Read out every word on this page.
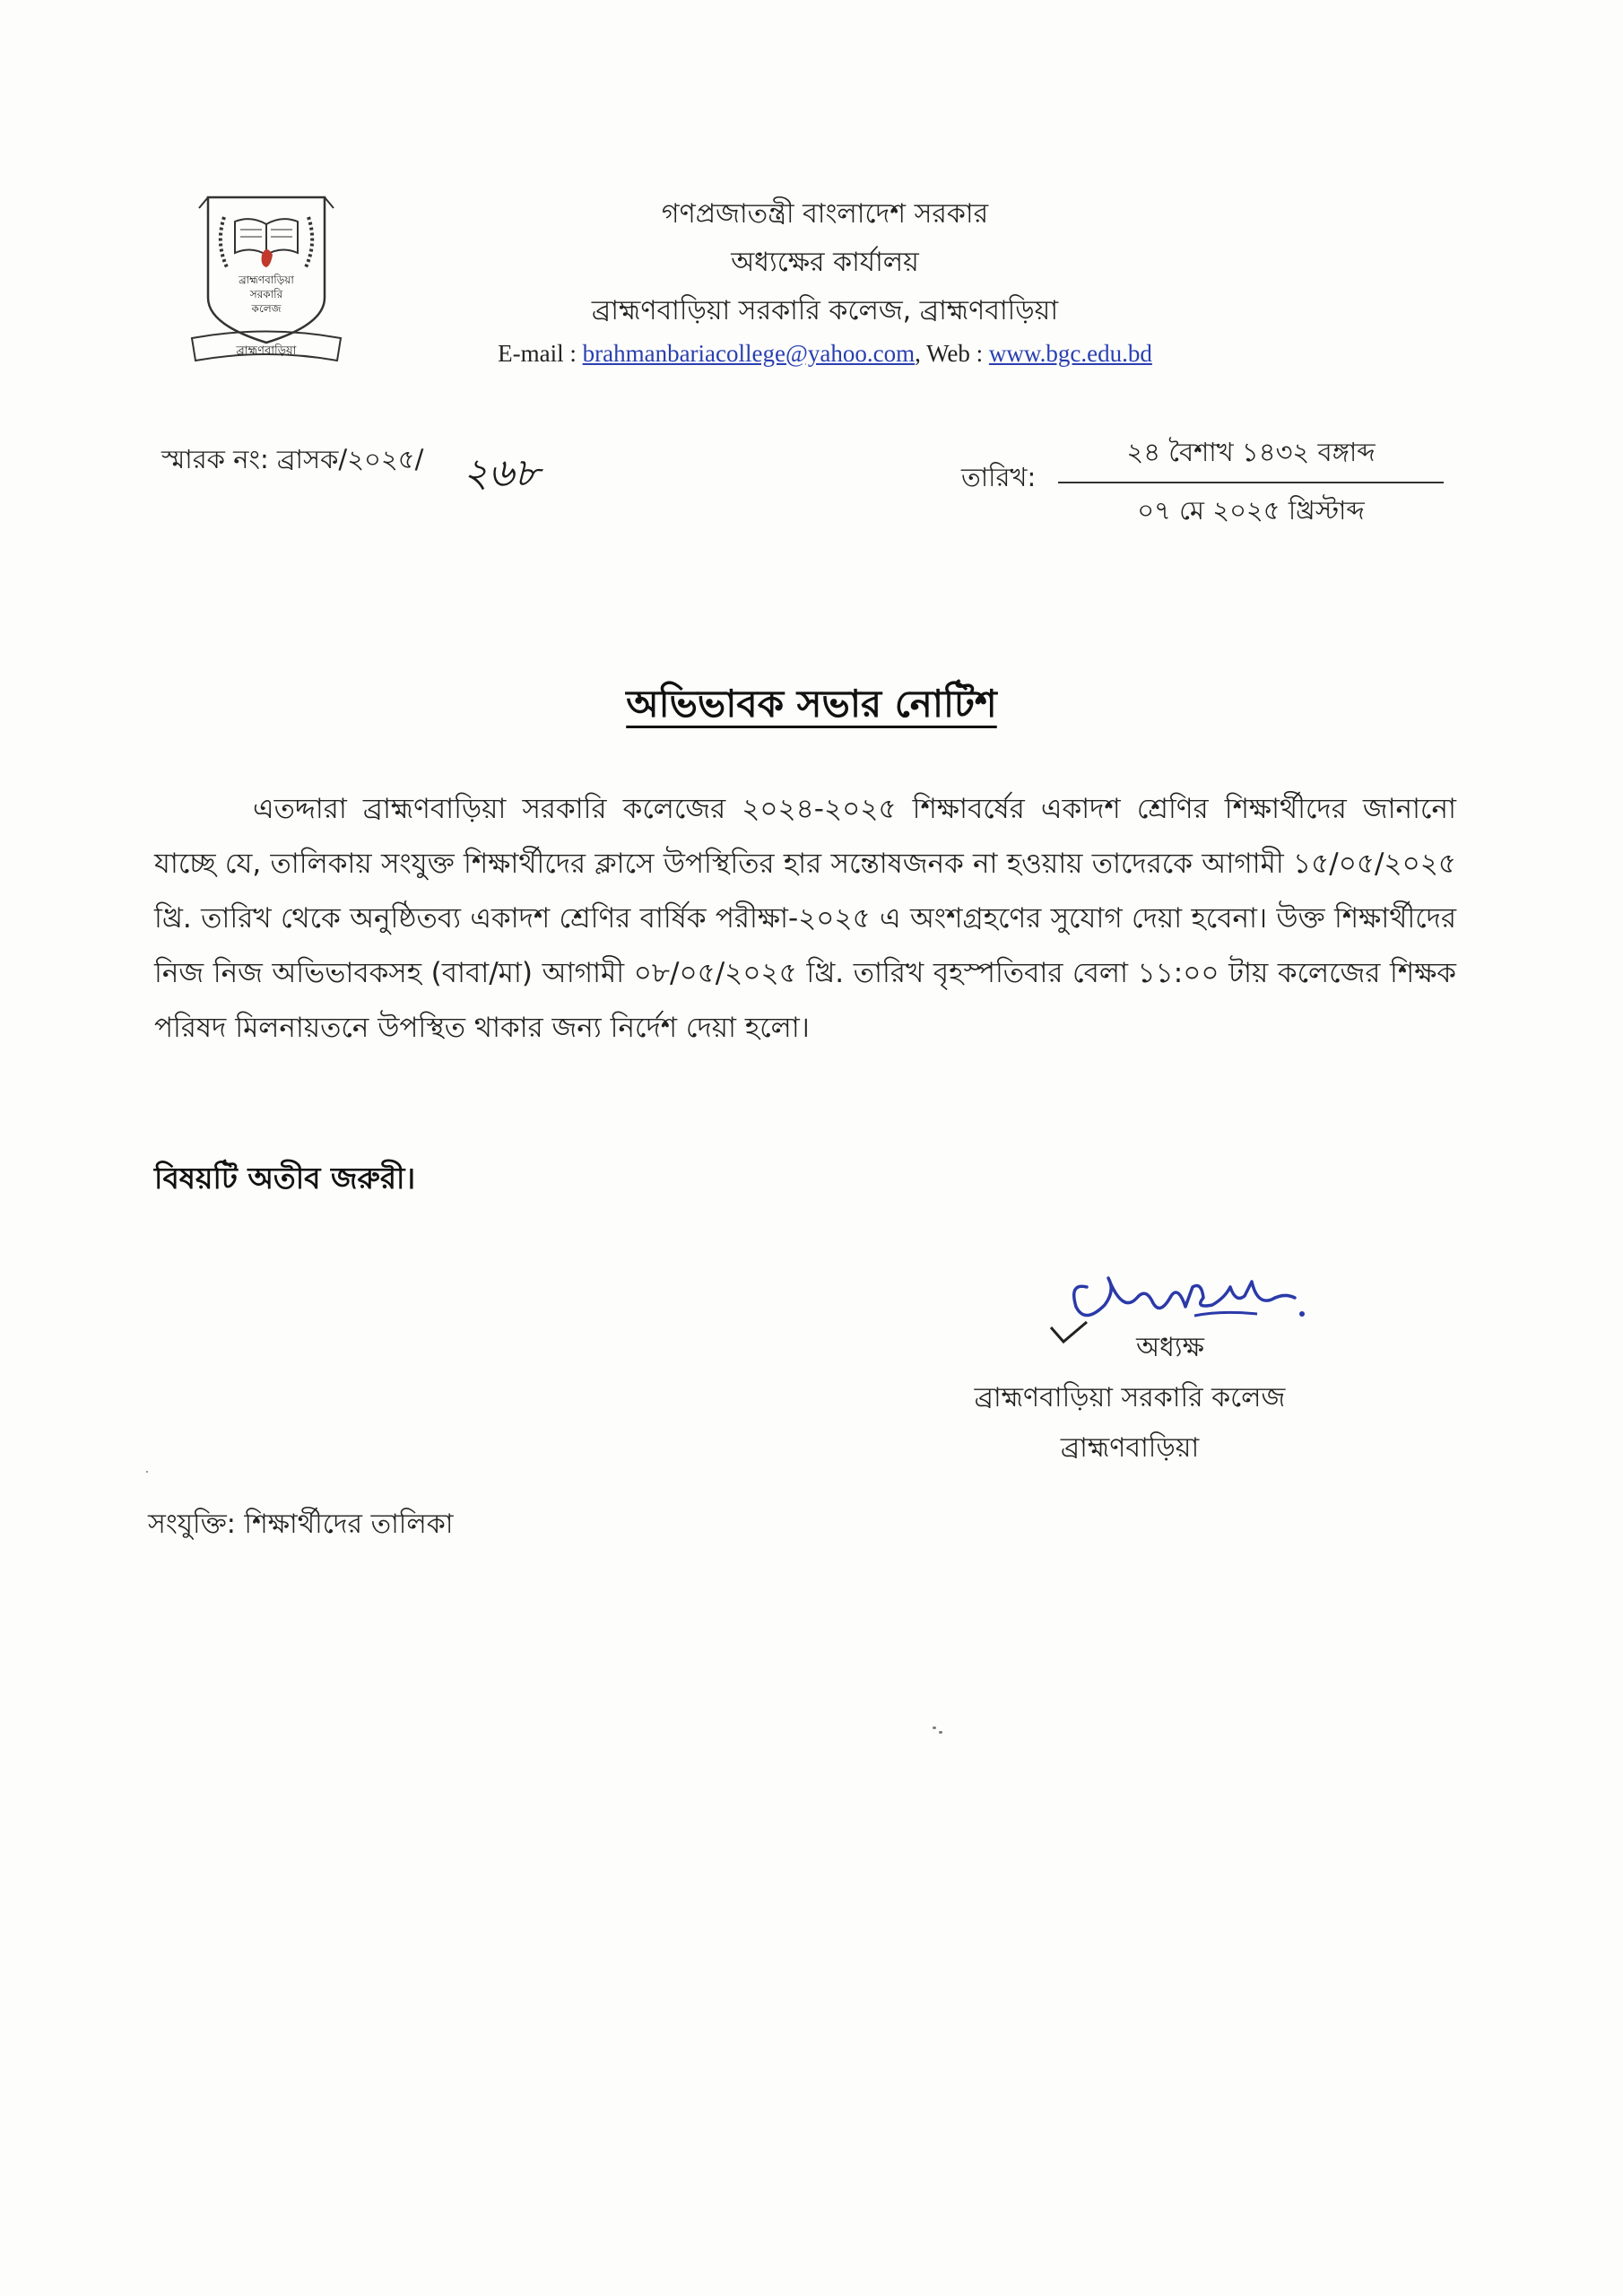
ব্রাহ্মণবাড়িয়া
সরকারি
কলেজ
ব্রাহ্মণবাড়িয়া
গণপ্রজাতন্ত্রী বাংলাদেশ সরকার
অধ্যক্ষের কার্যালয়
ব্রাহ্মণবাড়িয়া সরকারি কলেজ, ব্রাহ্মণবাড়িয়া
E-mail : brahmanbariacollege@yahoo.com, Web : www.bgc.edu.bd
স্মারক নং: ব্রাসক/২০২৫/ ২৬৮	তারিখ:
২৪ বৈশাখ ১৪৩২ বঙ্গাব্দ
০৭ মে ২০২৫ খ্রিস্টাব্দ
অভিভাবক সভার নোটিশ
এতদ্দারা ব্রাহ্মণবাড়িয়া সরকারি কলেজের ২০২৪-২০২৫ শিক্ষাবর্ষের একাদশ শ্রেণির শিক্ষার্থীদের জানানো যাচ্ছে যে, তালিকায় সংযুক্ত শিক্ষার্থীদের ক্লাসে উপস্থিতির হার সন্তোষজনক না হওয়ায় তাদেরকে আগামী ১৫/০৫/২০২৫ খ্রি. তারিখ থেকে অনুষ্ঠিতব্য একাদশ শ্রেণির বার্ষিক পরীক্ষা-২০২৫ এ অংশগ্রহণের সুযোগ দেয়া হবেনা। উক্ত শিক্ষার্থীদের নিজ নিজ অভিভাবকসহ (বাবা/মা) আগামী ০৮/০৫/২০২৫ খ্রি. তারিখ বৃহস্পতিবার বেলা ১১:০০ টায় কলেজের শিক্ষক পরিষদ মিলনায়তনে উপস্থিত থাকার জন্য নির্দেশ দেয়া হলো।
বিষয়টি অতীব জরুরী।
অধ্যক্ষ
ব্রাহ্মণবাড়িয়া সরকারি কলেজ
ব্রাহ্মণবাড়িয়া
সংযুক্তি: শিক্ষার্থীদের তালিকা
